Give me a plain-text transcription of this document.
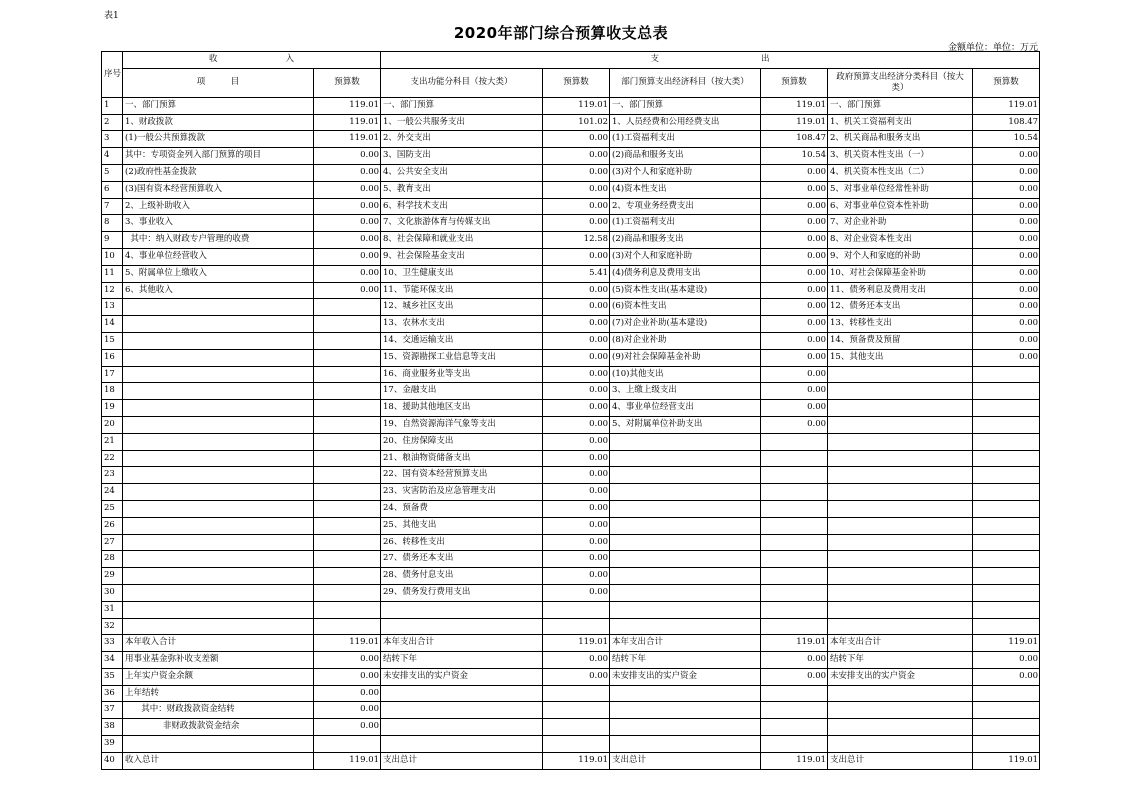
表1
2020年部门综合预算收支总表
金额单位：单位：万元
序号	收　　　　　　　　入		支　　　　　　　　　　　　出					
	项　　　目	预算数	支出功能分科目（按大类）	预算数	部门预算支出经济科目（按大类）	预算数	政府预算支出经济分类科目（按大类）	预算数
1	一、部门预算	119.01	一、部门预算	119.01	一、部门预算	119.01	一、部门预算	119.01
2	1、财政拨款	119.01	1、一般公共服务支出	101.02	1、人员经费和公用经费支出	119.01	1、机关工资福利支出	108.47
3	(1)一般公共预算拨款	119.01	2、外交支出	0.00	(1)工资福利支出	108.47	2、机关商品和服务支出	10.54
4	其中：专项资金列入部门预算的项目	0.00	3、国防支出	0.00	(2)商品和服务支出	10.54	3、机关资本性支出（一）	0.00
5	(2)政府性基金拨款	0.00	4、公共安全支出	0.00	(3)对个人和家庭补助	0.00	4、机关资本性支出（二）	0.00
6	(3)国有资本经营预算收入	0.00	5、教育支出	0.00	(4)资本性支出	0.00	5、对事业单位经常性补助	0.00
7	2、上级补助收入	0.00	6、科学技术支出	0.00	2、专项业务经费支出	0.00	6、对事业单位资本性补助	0.00
8	3、事业收入	0.00	7、文化旅游体育与传媒支出	0.00	(1)工资福利支出	0.00	7、对企业补助	0.00
9	其中：纳入财政专户管理的收费	0.00	8、社会保障和就业支出	12.58	(2)商品和服务支出	0.00	8、对企业资本性支出	0.00
10	4、事业单位经营收入	0.00	9、社会保险基金支出	0.00	(3)对个人和家庭补助	0.00	9、对个人和家庭的补助	0.00
11	5、附属单位上缴收入	0.00	10、卫生健康支出	5.41	(4)债务利息及费用支出	0.00	10、对社会保障基金补助	0.00
12	6、其他收入	0.00	11、节能环保支出	0.00	(5)资本性支出(基本建设)	0.00	11、债务利息及费用支出	0.00
13			12、城乡社区支出	0.00	(6)资本性支出	0.00	12、债务还本支出	0.00
14			13、农林水支出	0.00	(7)对企业补助(基本建设)	0.00	13、转移性支出	0.00
15			14、交通运输支出	0.00	(8)对企业补助	0.00	14、预备费及预留	0.00
16			15、资源勘探工业信息等支出	0.00	(9)对社会保障基金补助	0.00	15、其他支出	0.00
17			16、商业服务业等支出	0.00	(10)其他支出	0.00		
18			17、金融支出	0.00	3、上缴上级支出	0.00		
19			18、援助其他地区支出	0.00	4、事业单位经营支出	0.00		
20			19、自然资源海洋气象等支出	0.00	5、对附属单位补助支出	0.00		
21			20、住房保障支出	0.00				
22			21、粮油物资储备支出	0.00				
23			22、国有资本经营预算支出	0.00				
24			23、灾害防治及应急管理支出	0.00				
25			24、预备费	0.00				
26			25、其他支出	0.00				
27			26、转移性支出	0.00				
28			27、债务还本支出	0.00				
29			28、债务付息支出	0.00				
30			29、债务发行费用支出	0.00				
31								
32								
33	本年收入合计	119.01	本年支出合计	119.01	本年支出合计	119.01	本年支出合计	119.01
34	用事业基金弥补收支差额	0.00	结转下年	0.00	结转下年	0.00	结转下年	0.00
35	上年实户资金余额	0.00	未安排支出的实户资金	0.00	未安排支出的实户资金	0.00	未安排支出的实户资金	0.00
36	上年结转	0.00						
37	其中：财政拨款资金结转	0.00						
38	非财政拨款资金结余	0.00						
39								
40	收入总计	119.01	支出总计	119.01	支出总计	119.01	支出总计	119.01
